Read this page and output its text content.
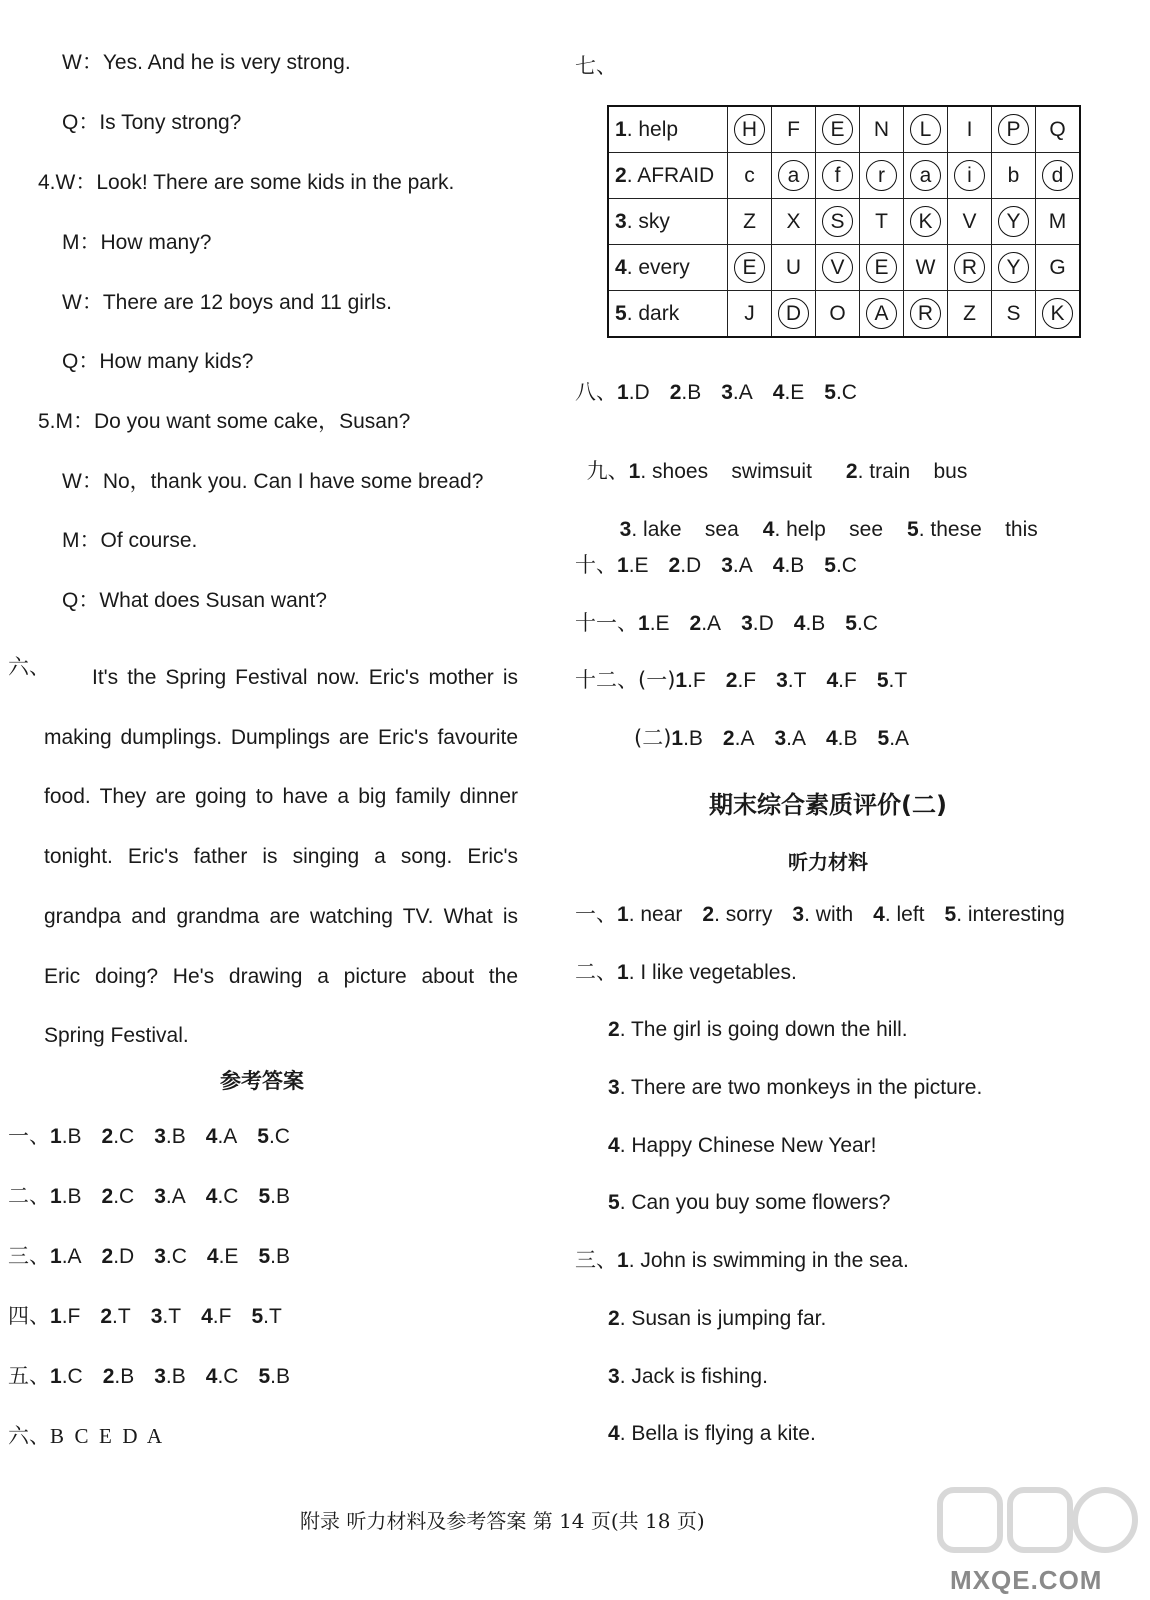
W：Yes. And he is very strong.
Q：Is Tony strong?
4.W：Look! There are some kids in the park.
M：How many?
W：There are 12 boys and 11 girls.
Q：How many kids?
5.M：Do you want some cake，Susan?
W：No，thank you. Can I have some bread?
M：Of course.
Q：What does Susan want?
六、	It's the Spring Festival now. Eric's mother is making dumplings. Dumplings are Eric's favourite food. They are going to have a big family dinner tonight. Eric's father is singing a song. Eric's grandpa and grandma are watching TV. What is Eric doing? He's drawing a picture about the Spring Festival.
参考答案
一、1.B 2.C 3.B 4.A 5.C
二、1.B 2.C 3.A 4.C 5.B
三、1.A 2.D 3.C 4.E 5.B
四、1.F 2.T 3.T 4.F 5.T
五、1.C 2.B 3.B 4.C 5.B
六、B  C  E  D  A
七、
1. help	H	F	E	N	L	I	P	Q
2. AFRAID	c	a	f	r	a	i	b	d
3. sky	Z	X	S	T	K	V	Y	M
4. every	E	U	V	E	W	R	Y	G
5. dark	J	D	O	A	R	Z	S	K
八、1.D 2.B 3.A 4.E 5.C

九、1. shoes    swimsuit 2. train    bus

3. lake    sea 4. help    see 5. these    this

十、1.E 2.D 3.A 4.B 5.C
十一、1.E 2.A 3.D 4.B 5.C
十二、(一)1.F 2.F 3.T 4.F 5.T
(二)1.B 2.A 3.A 4.B 5.A
期末综合素质评价(二)
听力材料
一、1. near 2. sorry 3. with 4. left 5. interesting
二、1. I like vegetables.
2. The girl is going down the hill.
3. There are two monkeys in the picture.
4. Happy Chinese New Year!
5. Can you buy some flowers?
三、1. John is swimming in the sea.
2. Susan is jumping far.
3. Jack is fishing.
4. Bella is flying a kite.
附录 听力材料及参考答案 第 14 页(共 18 页)
MXQE.COM
